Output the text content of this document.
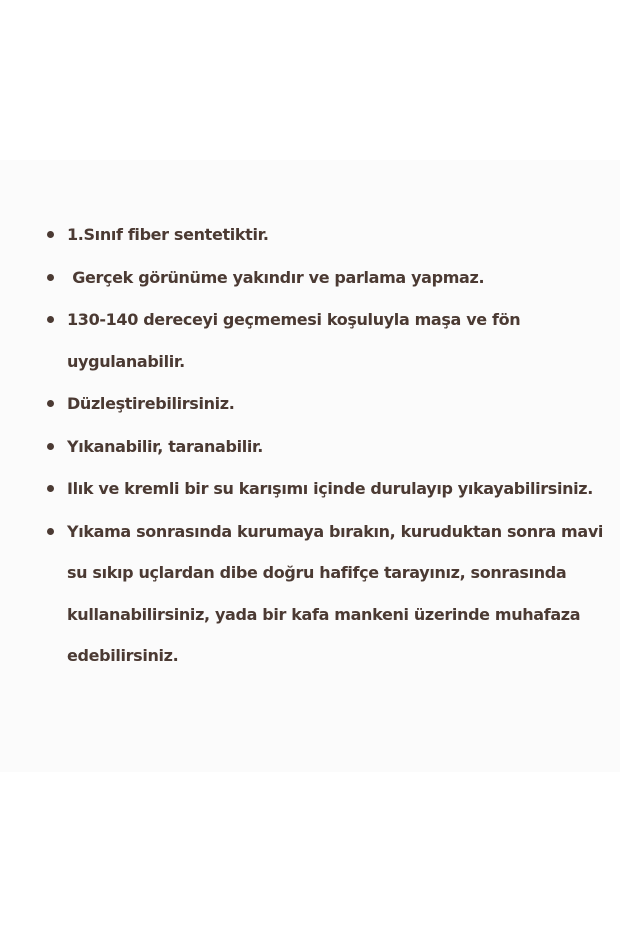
1.Sınıf fiber sentetiktir.
Gerçek görünüme yakındır ve parlama yapmaz.
130-140 dereceyi geçmemesi koşuluyla maşa ve fön uygulanabilir.
Düzleştirebilirsiniz.
Yıkanabilir, taranabilir.
Ilık ve kremli bir su karışımı içinde durulayıp yıkayabilirsiniz.
Yıkama sonrasında kurumaya bırakın, kuruduktan sonra mavi su sıkıp uçlardan dibe doğru hafifçe tarayınız, sonrasında kullanabilirsiniz, yada bir kafa mankeni üzerinde muhafaza edebilirsiniz.
